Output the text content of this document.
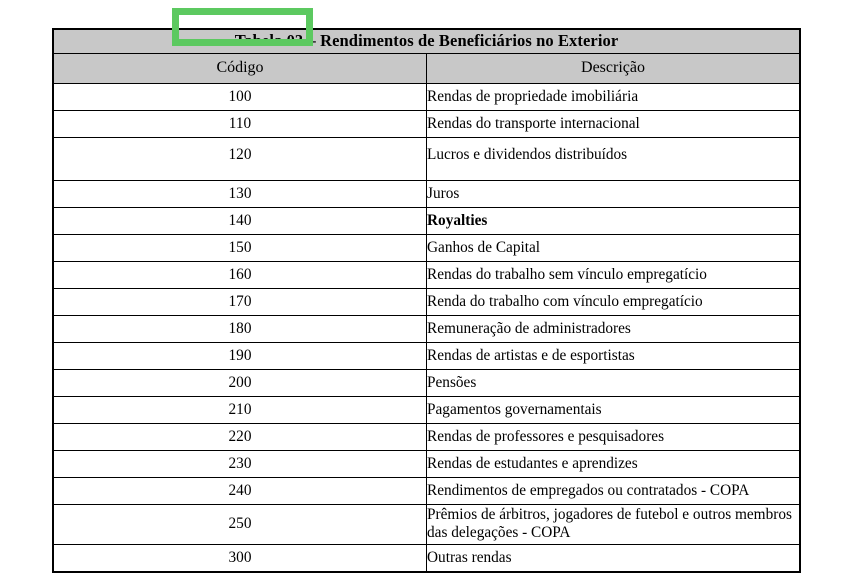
Tabela 03 – Rendimentos de Beneficiários no Exterior	
Código	Descrição
100	Rendas de propriedade imobiliária
110	Rendas do transporte internacional
120	Lucros e dividendos distribuídos
130	Juros
140	Royalties
150	Ganhos de Capital
160	Rendas do trabalho sem vínculo empregatício
170	Renda do trabalho com vínculo empregatício
180	Remuneração de administradores
190	Rendas de artistas e de esportistas
200	Pensões
210	Pagamentos governamentais
220	Rendas de professores e pesquisadores
230	Rendas de estudantes e aprendizes
240	Rendimentos de empregados ou contratados - COPA
250	Prêmios de árbitros, jogadores de futebol e outros membros das delegações - COPA
300	Outras rendas
